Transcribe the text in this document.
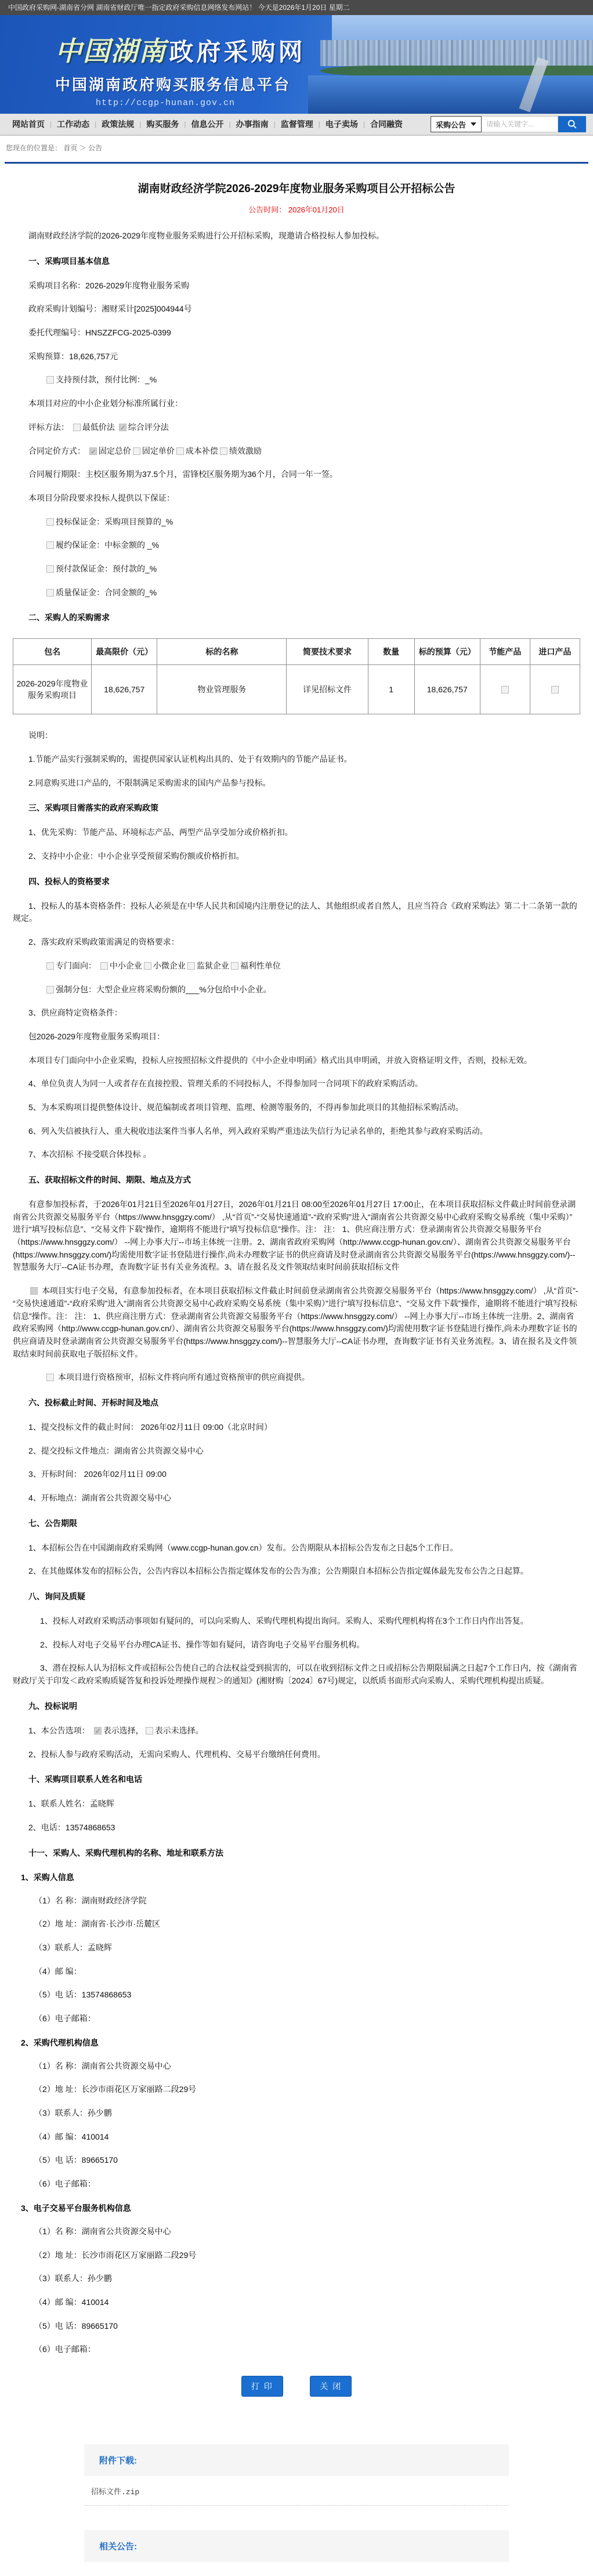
中国政府采购网-湖南省分网 湖南省财政厅唯一指定政府采购信息网络发布网站！ 今天是2026年1月20日 星期二
中国湖南 政府采购网
中国湖南政府购买服务信息平台
http://ccgp-hunan.gov.cn
网站首页 | 工作动态 | 政策法规 | 购买服务 | 信息公开 | 办事指南 | 监督管理 | 电子卖场 | 合同融资	采购公告
请输入关键字...
您现在的位置是： 首页 ＞ 公告
湖南财政经济学院2026-2029年度物业服务采购项目公开招标公告
公告时间： 2026年01月20日
湖南财政经济学院的2026-2029年度物业服务采购进行公开招标采购，现邀请合格投标人参加投标。
一、采购项目基本信息
采购项目名称：2026-2029年度物业服务采购
政府采购计划编号：湘财采计[2025]004944号
委托代理编号：HNSZZFCG-2025-0399
采购预算：18,626,757元
支持预付款，预付比例：_%
本项目对应的中小企业划分标准所属行业：
评标方法： 最低价法 ✓综合评分法
合同定价方式： ✓固定总价 固定单价 成本补偿 绩效激励
合同履行期限：主校区服务期为37.5个月，雷锋校区服务期为36个月，合同一年一签。
本项目分阶段要求投标人提供以下保证：
投标保证金：采购项目预算的_%
履约保证金：中标金额的 _%
预付款保证金：预付款的_%
质量保证金：合同金额的_%
二、采购人的采购需求
包名	最高限价（元）	标的名称	简要技术要求	数量	标的预算（元）	节能产品	进口产品
2026-2029年度物业服务采购项目	18,626,757	物业管理服务	详见招标文件	1	18,626,757		
说明：
1.节能产品实行强制采购的，需提供国家认证机构出具的、处于有效期内的节能产品证书。
2.同意购买进口产品的，不限制满足采购需求的国内产品参与投标。
三、采购项目需落实的政府采购政策
1、优先采购：节能产品、环境标志产品、两型产品享受加分或价格折扣。
2、支持中小企业：中小企业享受预留采购份额或价格折扣。
四、投标人的资格要求
1、投标人的基本资格条件：投标人必须是在中华人民共和国境内注册登记的法人、其他组织或者自然人，且应当符合《政府采购法》第二十二条第一款的规定。
2、落实政府采购政策需满足的资格要求：
专门面向： 中小企业 小微企业 监狱企业 福利性单位
强制分包：大型企业应将采购份额的___%分包给中小企业。
3、供应商特定资格条件：
包2026-2029年度物业服务采购项目：
本项目专门面向中小企业采购，投标人应按照招标文件提供的《中小企业申明函》格式出具申明函，并放入资格证明文件，否则，投标无效。
4、单位负责人为同一人或者存在直接控股、管理关系的不同投标人，不得参加同一合同项下的政府采购活动。
5、为本采购项目提供整体设计、规范编制或者项目管理、监理、检测等服务的，不得再参加此项目的其他招标采购活动。
6、列入失信被执行人、重大税收违法案件当事人名单，列入政府采购严重违法失信行为记录名单的，拒绝其参与政府采购活动。
7、本次招标 不接受联合体投标 。
五、获取招标文件的时间、期限、地点及方式
有意参加投标者，于2026年01月21日至2026年01月27日，2026年01月21日 08:00至2026年01月27日 17:00止，在本项目获取招标文件截止时间前登录湖南省公共资源交易服务平台（https://www.hnsggzy.com/） ,从“首页”-“交易快速通道”-“政府采购”进入“湖南省公共资源交易中心政府采购交易系统（集中采购）”进行“填写投标信息”、“交易文件下载”操作，逾期将不能进行“填写投标信息”操作。注： 注： 1、供应商注册方式：登录湖南省公共资源交易服务平台（https://www.hnsggzy.com/） --网上办事大厅--市场主体统一注册。2、湖南省政府采购网（http://www.ccgp-hunan.gov.cn/）、湖南省公共资源交易服务平台(https://www.hnsggzy.com/)均需使用数字证书登陆进行操作,尚未办理数字证书的供应商请及时登录湖南省公共资源交易服务平台(https://www.hnsggzy.com/)--智慧服务大厅--CA证书办理，查询数字证书有关业务流程。3、请在报名及文件领取结束时间前获取招标文件
✓ 本项目实行电子交易，有意参加投标者，在本项目获取招标文件截止时间前登录湖南省公共资源交易服务平台（https://www.hnsggzy.com/） ,从“首页”-“交易快速通道”-“政府采购”进入“湖南省公共资源交易中心政府采购交易系统（集中采购）”进行“填写投标信息”、“交易文件下载”操作，逾期将不能进行“填写投标信息”操作。注： 注： 1、供应商注册方式：登录湖南省公共资源交易服务平台（https://www.hnsggzy.com/） --网上办事大厅--市场主体统一注册。2、湖南省政府采购网（http://www.ccgp-hunan.gov.cn/）、湖南省公共资源交易服务平台(https://www.hnsggzy.com/)均需使用数字证书登陆进行操作,尚未办理数字证书的供应商请及时登录湖南省公共资源交易服务平台(https://www.hnsggzy.com/)--智慧服务大厅--CA证书办理，查询数字证书有关业务流程。3、请在报名及文件领取结束时间前获取电子版招标文件。
本项目进行资格预审，招标文件将向所有通过资格预审的供应商提供。
六、投标截止时间、开标时间及地点
1、提交投标文件的截止时间： 2026年02月11日 09:00（北京时间）
2、提交投标文件地点：湖南省公共资源交易中心
3、开标时间： 2026年02月11日 09:00
4、开标地点：湖南省公共资源交易中心
七、公告期限
1、本招标公告在中国湖南政府采购网（www.ccgp-hunan.gov.cn）发布。公告期限从本招标公告发布之日起5个工作日。
2、在其他媒体发布的招标公告，公告内容以本招标公告指定媒体发布的公告为准；公告期限自本招标公告指定媒体最先发布公告之日起算。
八、询问及质疑
1、投标人对政府采购活动事项如有疑问的，可以向采购人、采购代理机构提出询问。采购人、采购代理机构将在3个工作日内作出答复。
2、投标人对电子交易平台办理CA证书、操作等如有疑问，请咨询电子交易平台服务机构。
3、潜在投标人认为招标文件或招标公告使自己的合法权益受到损害的，可以在收到招标文件之日或招标公告期限届满之日起7个工作日内，按《湖南省财政厅关于印发＜政府采购质疑答复和投诉处理操作规程＞的通知》(湘财购〔2024〕67号)规定，以纸质书面形式向采购人、采购代理机构提出质疑。
九、投标说明
1、本公告选项： ✓表示选择， 表示未选择。
2、投标人参与政府采购活动，无需向采购人、代理机构、交易平台缴纳任何费用。
十、采购项目联系人姓名和电话
1、联系人姓名：孟晓辉
2、电话：13574868653
十一、采购人、采购代理机构的名称、地址和联系方法
1、采购人信息
（1）名 称：湖南财政经济学院
（2）地 址：湖南省·长沙市·岳麓区
（3）联系人：孟晓辉
（4）邮 编：
（5）电 话：13574868653
（6）电子邮箱：
2、采购代理机构信息
（1）名 称：湖南省公共资源交易中心
（2）地 址：长沙市雨花区万家丽路二段29号
（3）联系人：孙少鹏
（4）邮 编：410014
（5）电 话：89665170
（6）电子邮箱：
3、电子交易平台服务机构信息
（1）名 称：湖南省公共资源交易中心
（2）地 址：长沙市雨花区万家丽路二段29号
（3）联系人：孙少鹏
（4）邮 编：410014
（5）电 话：89665170
（6）电子邮箱：
打 印	关 闭
附件下载:
招标文件.zip
相关公告:
